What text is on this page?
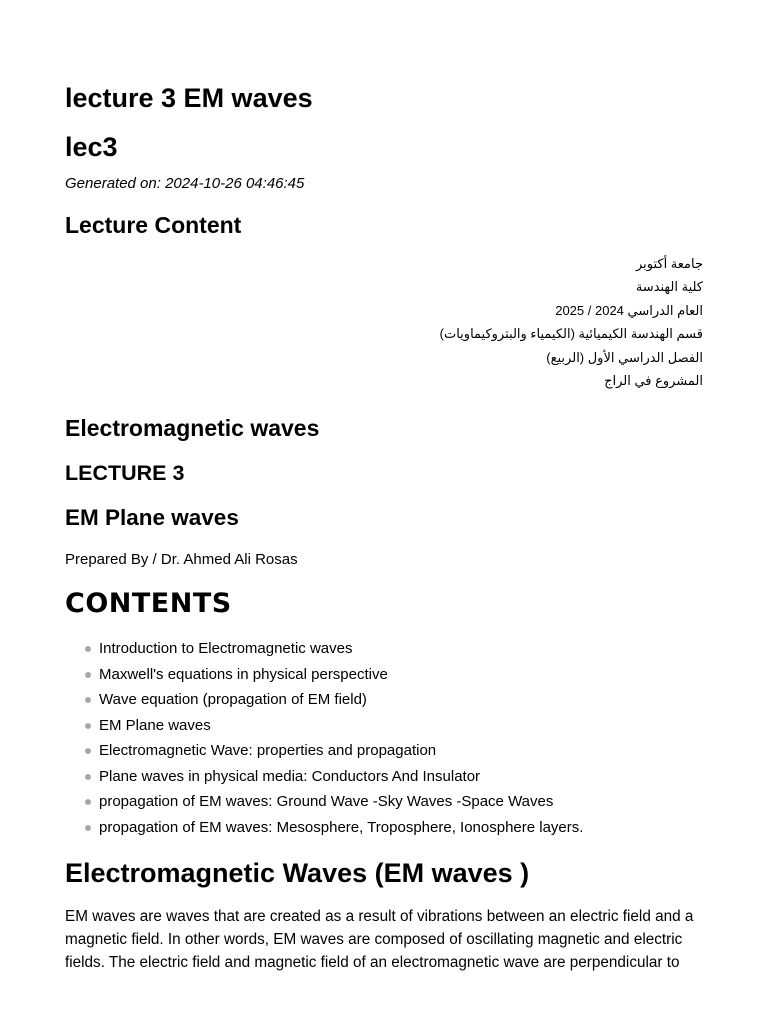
lecture 3 EM waves
lec3
Generated on: 2024-10-26 04:46:45
Lecture Content
جامعة أكتوبر
كلية الهندسة
العام الدراسي 2024 / 2025
قسم الهندسة الكيميائية (الكيمياء والبتروكيماويات)
الفصل الدراسي الأول (الربيع)
المشروع في الراج
Electromagnetic waves
LECTURE 3
EM Plane waves
Prepared By / Dr. Ahmed Ali Rosas
CONTENTS
Introduction to Electromagnetic waves
Maxwell's equations in physical perspective
Wave equation (propagation of EM field)
EM Plane waves
Electromagnetic Wave: properties and propagation
Plane waves in physical media: Conductors And Insulator
propagation of EM waves: Ground Wave -Sky Waves -Space Waves
propagation of EM waves: Mesosphere, Troposphere, Ionosphere layers.
Electromagnetic Waves (EM waves )

EM waves are waves that are created as a result of vibrations between an electric field and a magnetic field. In other words, EM waves are composed of oscillating magnetic and electric fields. The electric field and magnetic field of an electromagnetic wave are perpendicular to
